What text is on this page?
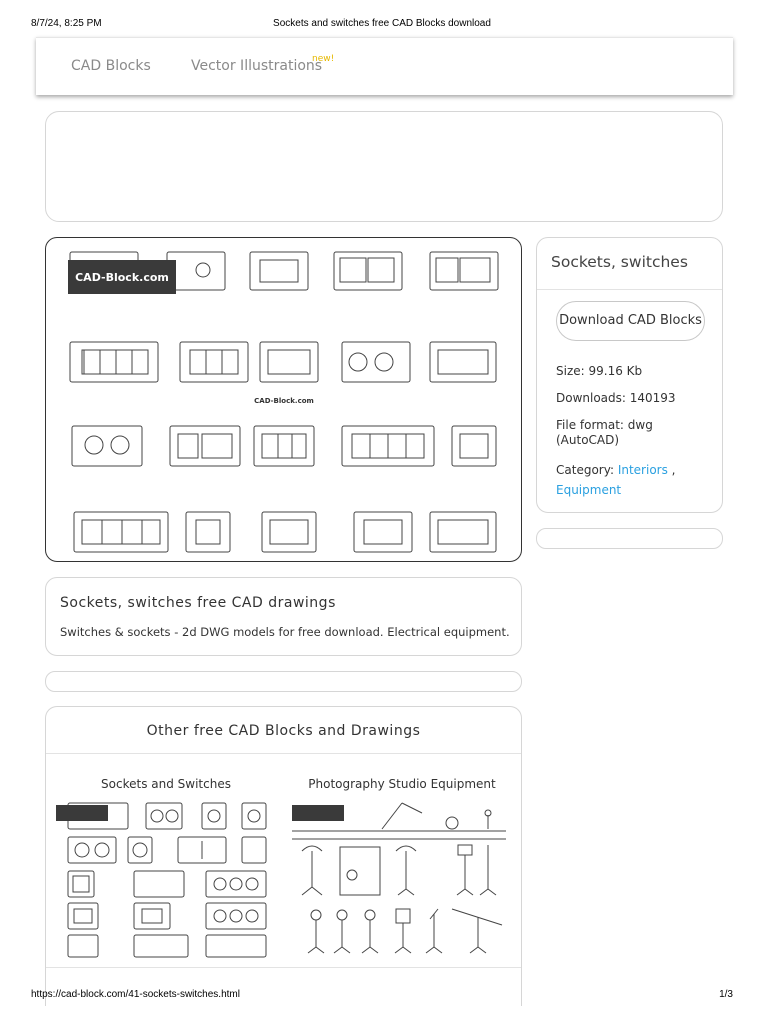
8/7/24, 8:25 PM	Sockets and switches free CAD Blocks download
CAD Blocks	Vector Illustrations
new!
CAD-Block.com
CAD-Block.com
Sockets, switches
Download CAD Blocks
Size: 99.16 Kb
Downloads: 140193
File format: dwg
(AutoCAD)
Category: Interiors ,
Equipment
Sockets, switches free CAD drawings
Switches & sockets - 2d DWG models for free download. Electrical equipment.
Other free CAD Blocks and Drawings
Sockets and Switches	Photography Studio Equipment
https://cad-block.com/41-sockets-switches.html	1/3
